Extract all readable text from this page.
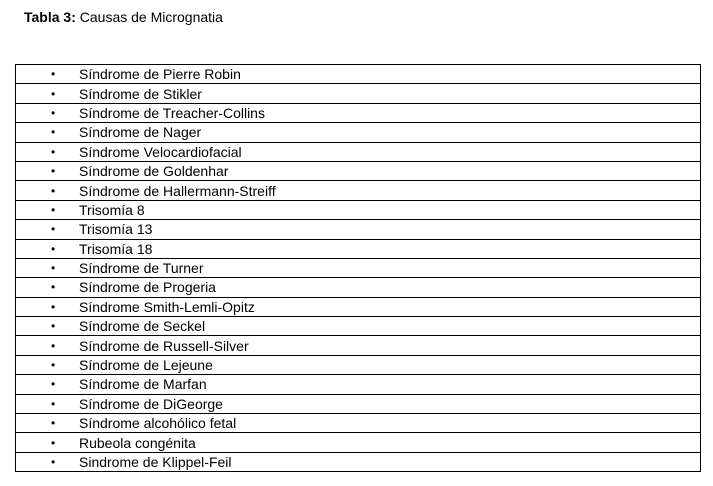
Tabla 3: Causas de Micrognatia
•	Síndrome de Pierre Robin

•	Síndrome de Stikler

•	Síndrome de Treacher-Collins

•	Síndrome de Nager

•	Síndrome Velocardiofacial

•	Síndrome de Goldenhar

•	Síndrome de Hallermann-Streiff

•	Trisomía 8

•	Trisomía 13

•	Trisomía 18

•	Síndrome de Turner

•	Síndrome de Progeria

•	Síndrome Smith-Lemli-Opitz

•	Síndrome de Seckel

•	Síndrome de Russell-Silver

•	Síndrome de Lejeune

•	Síndrome de Marfan

•	Síndrome de DiGeorge

•	Síndrome alcohólico fetal

•	Rubeola congénita

•	Sindrome de Klippel-Feil
